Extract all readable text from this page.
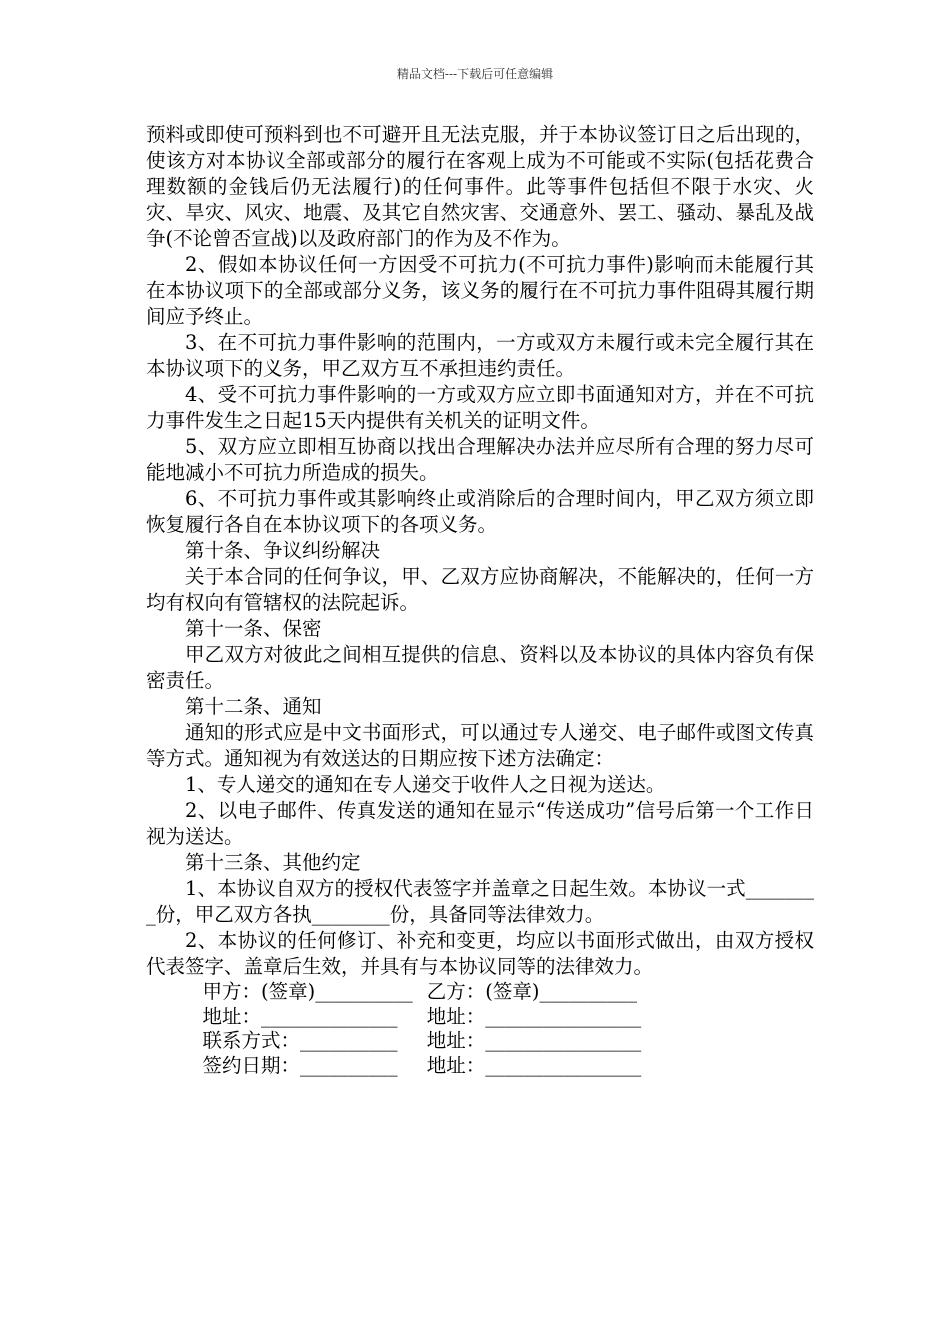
精品文档---下载后可任意编辑

预料或即使可预料到也不可避开且无法克服，并于本协议签订日之后出现的，使该方对本协议全部或部分的履行在客观上成为不可能或不实际(包括花费合理数额的金钱后仍无法履行)的任何事件。此等事件包括但不限于水灾、火灾、旱灾、风灾、地震、及其它自然灾害、交通意外、罢工、骚动、暴乱及战争(不论曾否宣战)以及政府部门的作为及不作为。

2、假如本协议任何一方因受不可抗力(不可抗力事件)影响而未能履行其在本协议项下的全部或部分义务，该义务的履行在不可抗力事件阻碍其履行期间应予终止。

3、在不可抗力事件影响的范围内，一方或双方未履行或未完全履行其在本协议项下的义务，甲乙双方互不承担违约责任。

4、受不可抗力事件影响的一方或双方应立即书面通知对方，并在不可抗力事件发生之日起15天内提供有关机关的证明文件。

5、双方应立即相互协商以找出合理解决办法并应尽所有合理的努力尽可能地减小不可抗力所造成的损失。

6、不可抗力事件或其影响终止或消除后的合理时间内，甲乙双方须立即恢复履行各自在本协议项下的各项义务。

第十条、争议纠纷解决

关于本合同的任何争议，甲、乙双方应协商解决，不能解决的，任何一方均有权向有管辖权的法院起诉。

第十一条、保密

甲乙双方对彼此之间相互提供的信息、资料以及本协议的具体内容负有保密责任。

第十二条、通知

通知的形式应是中文书面形式，可以通过专人递交、电子邮件或图文传真等方式。通知视为有效送达的日期应按下述方法确定：

1、专人递交的通知在专人递交于收件人之日视为送达。

2、以电子邮件、传真发送的通知在显示“传送成功”信号后第一个工作日视为送达。

第十三条、其他约定

1、本协议自双方的授权代表签字并盖章之日起生效。本协议一式________份，甲乙双方各执________份，具备同等法律效力。

2、本协议的任何修订、补充和变更，均应以书面形式做出，由双方授权代表签字、盖章后生效，并具有与本协议同等的法律效力。

甲方：(签章)__________	乙方：(签章)__________
地址：______________	地址：________________
联系方式：__________	地址：________________
签约日期：__________	地址：________________
